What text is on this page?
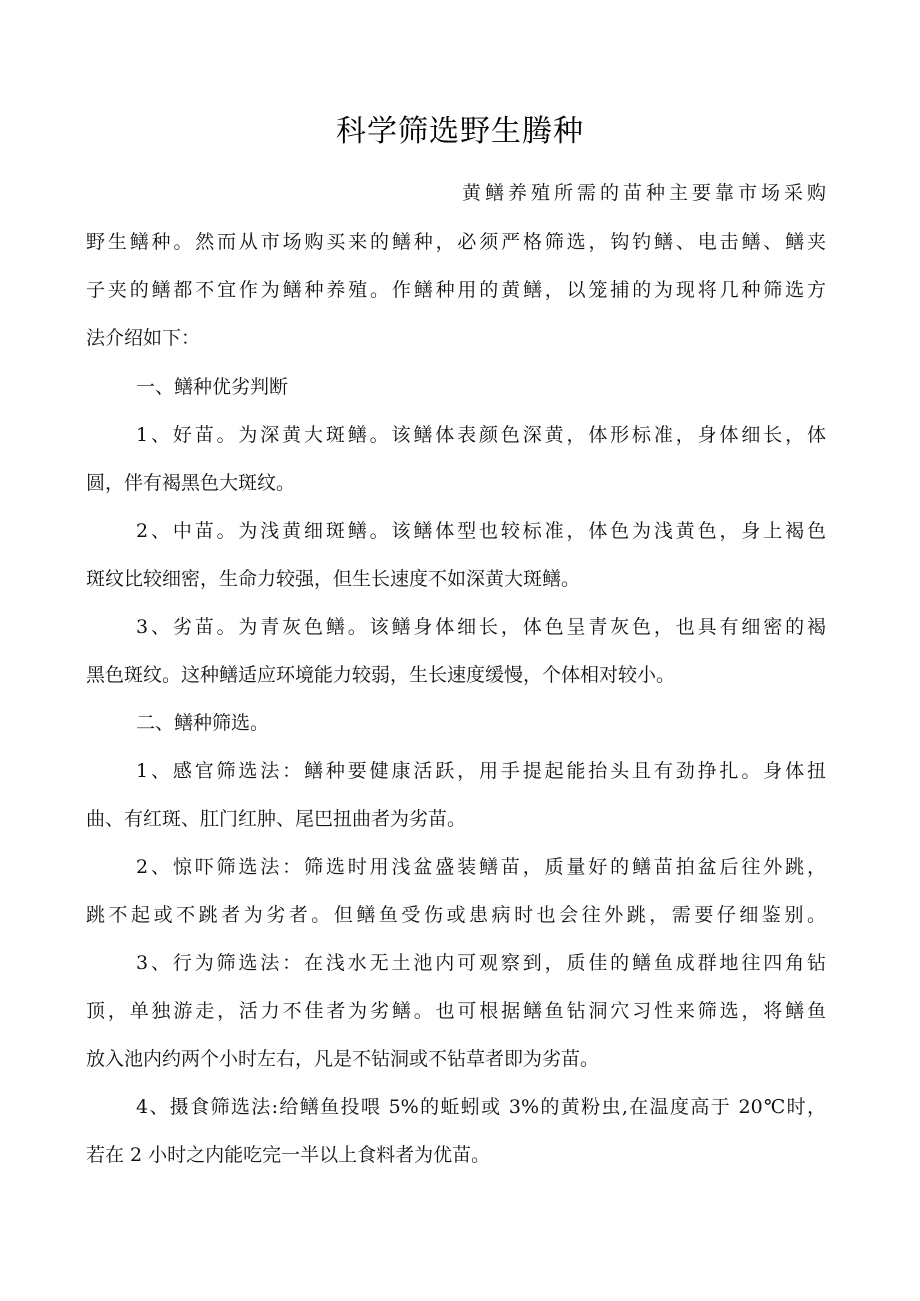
科学筛选野生腾种
黄鳝养殖所需的苗种主要靠市场采购
野生鳝种。然而从市场购买来的鳝种，必须严格筛选，钩钓鳝、电击鳝、鳝夹
子夹的鳝都不宜作为鳝种养殖。作鳝种用的黄鳝，以笼捕的为现将几种筛选方
法介绍如下：
一、鳝种优劣判断
1、好苗。为深黄大斑鳝。该鳝体表颜色深黄，体形标准，身体细长，体
圆，伴有褐黑色大斑纹。
2、中苗。为浅黄细斑鳝。该鳝体型也较标准，体色为浅黄色，身上褐色
斑纹比较细密，生命力较强，但生长速度不如深黄大斑鳝。
3、劣苗。为青灰色鳝。该鳝身体细长，体色呈青灰色，也具有细密的褐
黑色斑纹。这种鳝适应环境能力较弱，生长速度缓慢，个体相对较小。
二、鳝种筛选。
1、感官筛选法：鳝种要健康活跃，用手提起能抬头且有劲挣扎。身体扭
曲、有红斑、肛门红肿、尾巴扭曲者为劣苗。
2、惊吓筛选法：筛选时用浅盆盛装鳝苗，质量好的鳝苗拍盆后往外跳，
跳不起或不跳者为劣者。但鳝鱼受伤或患病时也会往外跳，需要仔细鉴别。
3、行为筛选法：在浅水无土池内可观察到，质佳的鳝鱼成群地往四角钻
顶，单独游走，活力不佳者为劣鳝。也可根据鳝鱼钻洞穴习性来筛选，将鳝鱼
放入池内约两个小时左右，凡是不钻洞或不钻草者即为劣苗。
4、摄食筛选法:给鳝鱼投喂 5%的蚯蚓或 3%的黄粉虫,在温度高于 20℃时，
若在 2 小时之内能吃完一半以上食料者为优苗。
